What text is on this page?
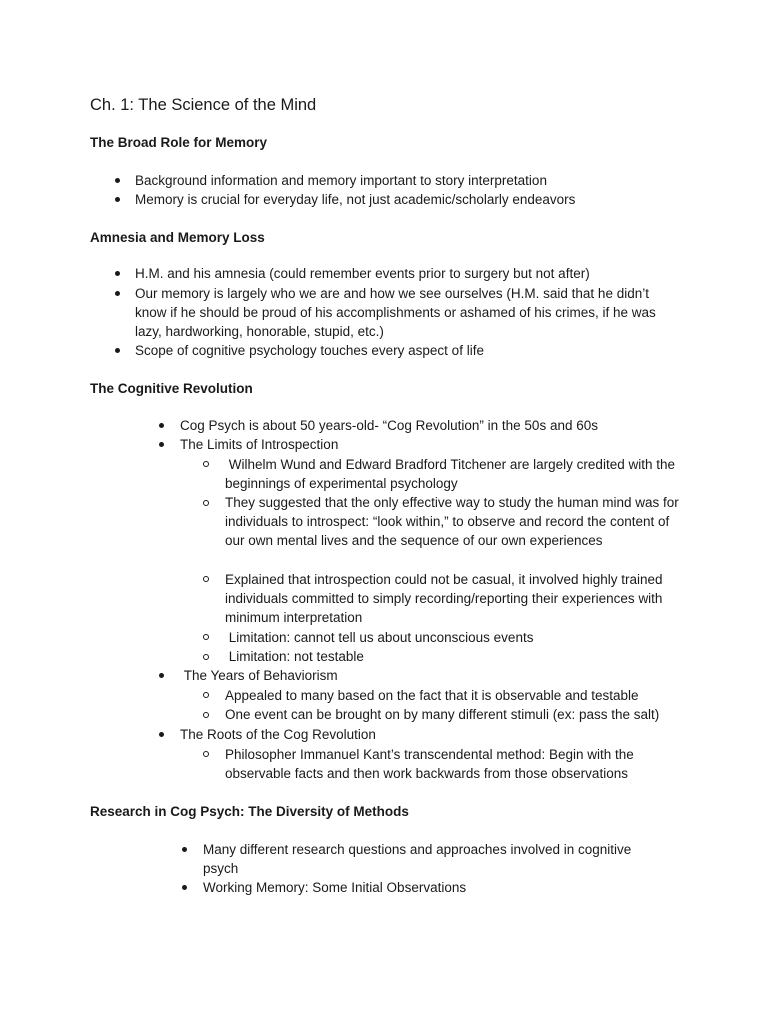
Ch. 1: The Science of the Mind
The Broad Role for Memory
Background information and memory important to story interpretation
Memory is crucial for everyday life, not just academic/scholarly endeavors
Amnesia and Memory Loss
H.M. and his amnesia (could remember events prior to surgery but not after)
Our memory is largely who we are and how we see ourselves (H.M. said that he didn’t know if he should be proud of his accomplishments or ashamed of his crimes, if he was lazy, hardworking, honorable, stupid, etc.)
Scope of cognitive psychology touches every aspect of life
The Cognitive Revolution
Cog Psych is about 50 years-old- “Cog Revolution” in the 50s and 60s
The Limits of Introspection
Wilhelm Wund and Edward Bradford Titchener are largely credited with the beginnings of experimental psychology
They suggested that the only effective way to study the human mind was for individuals to introspect: “look within,” to observe and record the content of our own mental lives and the sequence of our own experiences
Explained that introspection could not be casual, it involved highly trained individuals committed to simply recording/reporting their experiences with minimum interpretation
Limitation: cannot tell us about unconscious events
Limitation: not testable
The Years of Behaviorism
Appealed to many based on the fact that it is observable and testable
One event can be brought on by many different stimuli (ex: pass the salt)
The Roots of the Cog Revolution
Philosopher Immanuel Kant’s transcendental method: Begin with the observable facts and then work backwards from those observations
Research in Cog Psych: The Diversity of Methods
Many different research questions and approaches involved in cognitive psych
Working Memory: Some Initial Observations
